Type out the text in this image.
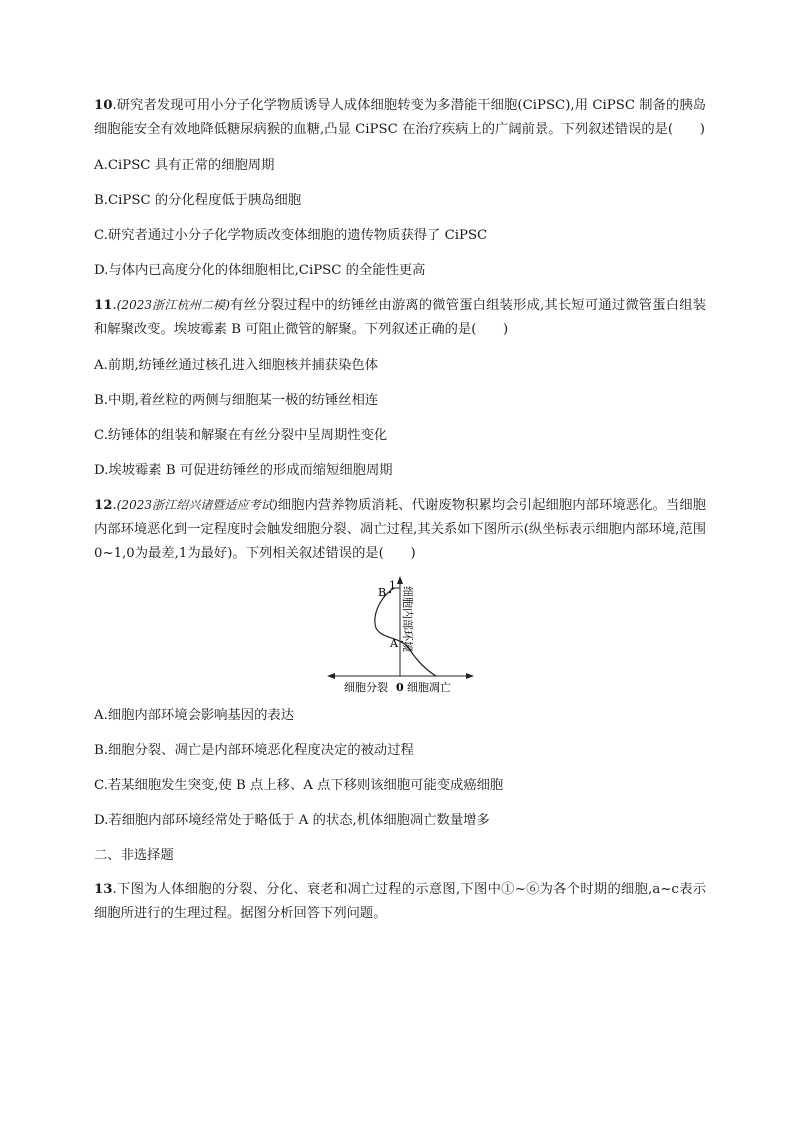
10.研究者发现可用小分子化学物质诱导人成体细胞转变为多潜能干细胞(CiPSC),用 CiPSC 制备的胰岛细胞能安全有效地降低糖尿病猴的血糖,凸显 CiPSC 在治疗疾病上的广阔前景。下列叙述错误的是(　　)
A.CiPSC 具有正常的细胞周期
B.CiPSC 的分化程度低于胰岛细胞
C.研究者通过小分子化学物质改变体细胞的遗传物质获得了 CiPSC
D.与体内已高度分化的体细胞相比,CiPSC 的全能性更高
11.(2023浙江杭州二模)有丝分裂过程中的纺锤丝由游离的微管蛋白组装形成,其长短可通过微管蛋白组装和解聚改变。埃坡霉素 B 可阻止微管的解聚。下列叙述正确的是(　　)
A.前期,纺锤丝通过核孔进入细胞核并捕获染色体
B.中期,着丝粒的两侧与细胞某一极的纺锤丝相连
C.纺锤体的组装和解聚在有丝分裂中呈周期性变化
D.埃坡霉素 B 可促进纺锤丝的形成而缩短细胞周期
12.(2023浙江绍兴诸暨适应考试)细胞内营养物质消耗、代谢废物积累均会引起细胞内部环境恶化。当细胞内部环境恶化到一定程度时会触发细胞分裂、凋亡过程,其关系如下图所示(纵坐标表示细胞内部环境,范围 0~1,0为最差,1为最好)。下列相关叙述错误的是(　　)
1
B
A
0
细胞分裂 细胞凋亡
细胞内部环境
A.细胞内部环境会影响基因的表达
B.细胞分裂、凋亡是内部环境恶化程度决定的被动过程
C.若某细胞发生突变,使 B 点上移、A 点下移则该细胞可能变成癌细胞
D.若细胞内部环境经常处于略低于 A 的状态,机体细胞凋亡数量增多
二、非选择题
13.下图为人体细胞的分裂、分化、衰老和凋亡过程的示意图,下图中①~⑥为各个时期的细胞,a~c表示细胞所进行的生理过程。据图分析回答下列问题。
